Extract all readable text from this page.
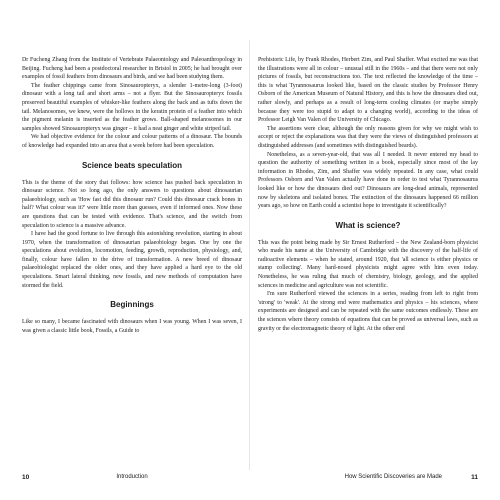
Dr Fucheng Zhang from the Institute of Vertebrate Palaeontology and Paleoanthropology in Beijing. Fucheng had been a postdoctoral researcher in Bristol in 2005; he had brought over examples of fossil feathers from dinosaurs and birds, and we had been studying them.

The feather chippings came from Sinosauropteryx, a slender 1-metre-long (3-foot) dinosaur with a long tail and short arms – not a flyer. But the Sinosauropteryx fossils preserved beautiful examples of whisker-like feathers along the back and as tufts down the tail. Melanosomes, we knew, were the hollows in the keratin protein of a feather into which the pigment melanin is inserted as the feather grows. Ball-shaped melanosomes in our samples showed Sinosauropteryx was ginger – it had a neat ginger and white striped tail.

We had objective evidence for the colour and colour patterns of a dinosaur. The bounds of knowledge had expanded into an area that a week before had been speculation.

Science beats speculation

This is the theme of the story that follows: how science has pushed back speculation in dinosaur science. Not so long ago, the only answers to questions about dinosaurian palaeobiology, such as 'How fast did this dinosaur run? Could this dinosaur crack bones in half? What colour was it?' were little more than guesses, even if informed ones. Now these are questions that can be tested with evidence. That's science, and the switch from speculation to science is a massive advance.

I have had the good fortune to live through this astonishing revolution, starting in about 1970, when the transformation of dinosaurian palaeobiology began. One by one the speculations about evolution, locomotion, feeding, growth, reproduction, physiology, and, finally, colour have fallen to the drive of transformation. A new breed of dinosaur palaeobiologist replaced the older ones, and they have applied a hard eye to the old speculations. Smart lateral thinking, new fossils, and new methods of computation have stormed the field.

Beginnings

Like so many, I became fascinated with dinosaurs when I was young. When I was seven, I was given a classic little book, Fossils, a Guide to

10	Introduction

Prehistoric Life, by Frank Rhodes, Herbert Zim, and Paul Shaffer. What excited me was that the illustrations were all in colour – unusual still in the 1960s – and that there were not only pictures of fossils, but reconstructions too. The text reflected the knowledge of the time – this is what Tyrannosaurus looked like, based on the classic studies by Professor Henry Osborn of the American Museum of Natural History, and this is how the dinosaurs died out, rather slowly, and perhaps as a result of long-term cooling climates (or maybe simply because they were too stupid to adapt to a changing world), according to the ideas of Professor Leigh Van Valen of the University of Chicago.

The assertions were clear, although the only reasons given for why we might wish to accept or reject the explanations was that they were the views of distinguished professors at distinguished addresses (and sometimes with distinguished beards).

Nonetheless, as a seven-year-old, that was all I needed. It never entered my head to question the authority of something written in a book, especially since most of the lay information in Rhodes, Zim, and Shaffer was widely repeated. In any case, what could Professors Osborn and Van Valen actually have done in order to test what Tyrannosaurus looked like or how the dinosaurs died out? Dinosaurs are long-dead animals, represented now by skeletons and isolated bones. The extinction of the dinosaurs happened 66 million years ago, so how on Earth could a scientist hope to investigate it scientifically?

What is science?

This was the point being made by Sir Ernest Rutherford – the New Zealand-born physicist who made his name at the University of Cambridge with the discovery of the half-life of radioactive elements – when he stated, around 1920, that 'all science is either physics or stamp collecting'. Many hard-nosed physicists might agree with him even today. Nonetheless, he was ruling that much of chemistry, biology, geology, and the applied sciences in medicine and agriculture was not scientific.

I'm sure Rutherford viewed the sciences in a series, reading from left to right from 'strong' to 'weak'. At the strong end were mathematics and physics – his sciences, where experiments are designed and can be repeated with the same outcomes endlessly. These are the sciences where theory consists of equations that can be proved as universal laws, such as gravity or the electromagnetic theory of light. At the other end

How Scientific Discoveries are Made	11
